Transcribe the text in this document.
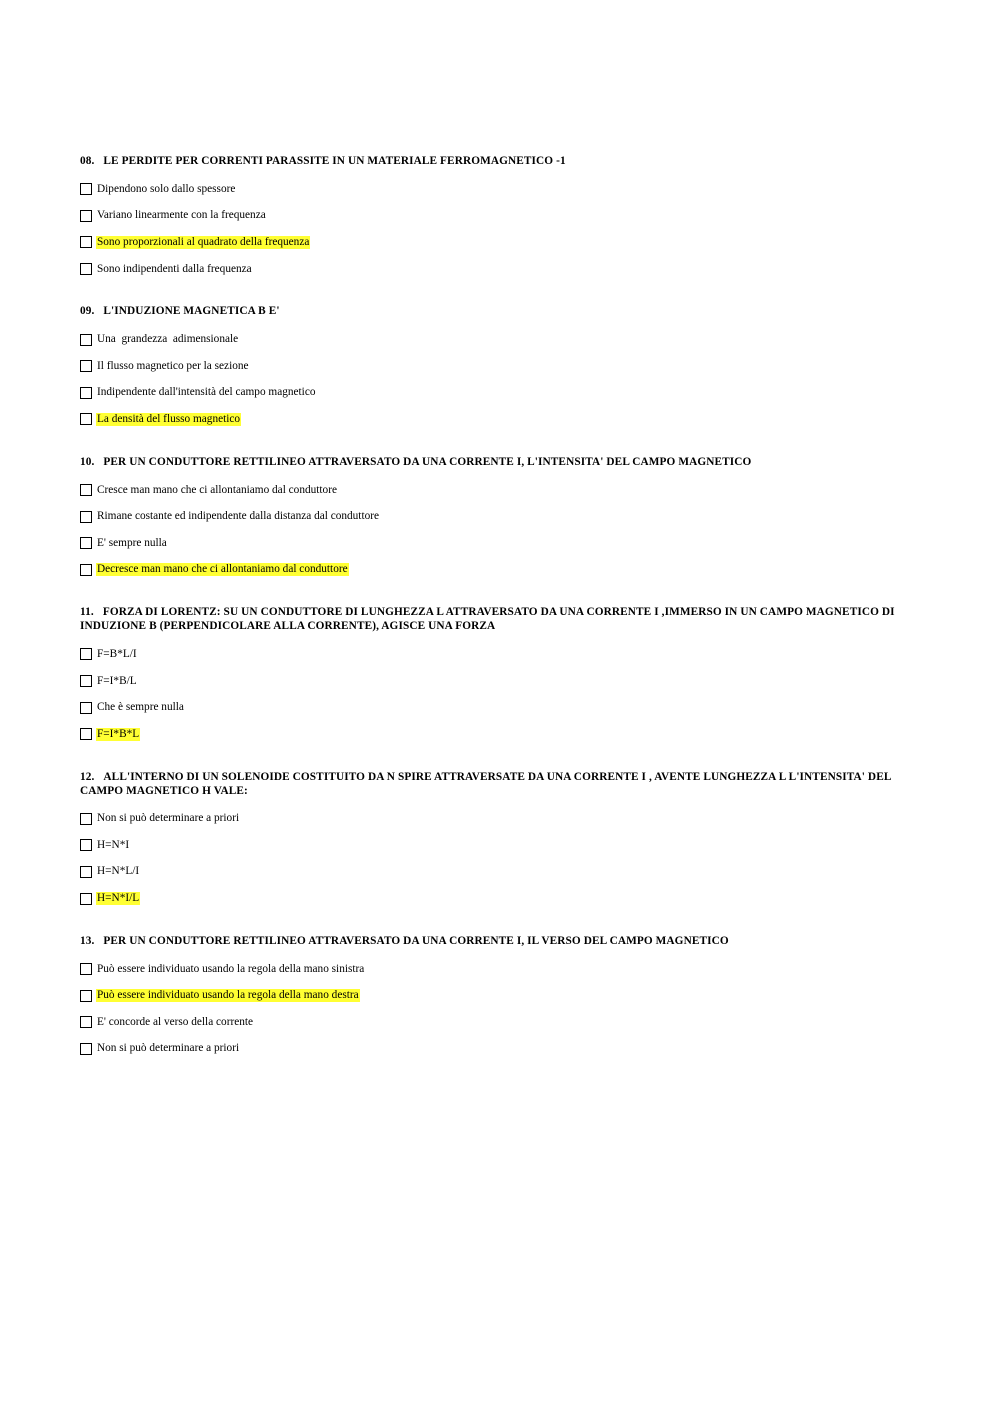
08. LE PERDITE PER CORRENTI PARASSITE IN UN MATERIALE FERROMAGNETICO -1
Dipendono solo dallo spessore
Variano linearmente con la frequenza
Sono proporzionali al quadrato della frequenza
Sono indipendenti dalla frequenza
09. L'INDUZIONE MAGNETICA B E'
Una  grandezza  adimensionale
Il flusso magnetico per la sezione
Indipendente dall'intensità del campo magnetico
La densità del flusso magnetico
10. PER UN CONDUTTORE RETTILINEO ATTRAVERSATO DA UNA CORRENTE I, L'INTENSITA' DEL CAMPO MAGNETICO
Cresce man mano che ci allontaniamo dal conduttore
Rimane costante ed indipendente dalla distanza dal conduttore
E' sempre nulla
Decresce man mano che ci allontaniamo dal conduttore
11. FORZA DI LORENTZ: SU UN CONDUTTORE DI LUNGHEZZA L ATTRAVERSATO DA UNA CORRENTE I ,IMMERSO IN UN CAMPO MAGNETICO DI INDUZIONE B (PERPENDICOLARE ALLA CORRENTE), AGISCE UNA FORZA
F=B*L/I
F=I*B/L
Che è sempre nulla
F=I*B*L
12. ALL'INTERNO DI UN SOLENOIDE COSTITUITO DA N SPIRE ATTRAVERSATE DA UNA CORRENTE I , AVENTE LUNGHEZZA L L'INTENSITA' DEL CAMPO MAGNETICO H VALE:
Non si può determinare a priori
H=N*I
H=N*L/I
H=N*I/L
13. PER UN CONDUTTORE RETTILINEO ATTRAVERSATO DA UNA CORRENTE I, IL VERSO DEL CAMPO MAGNETICO
Può essere individuato usando la regola della mano sinistra
Può essere individuato usando la regola della mano destra
E' concorde al verso della corrente
Non si può determinare a priori
